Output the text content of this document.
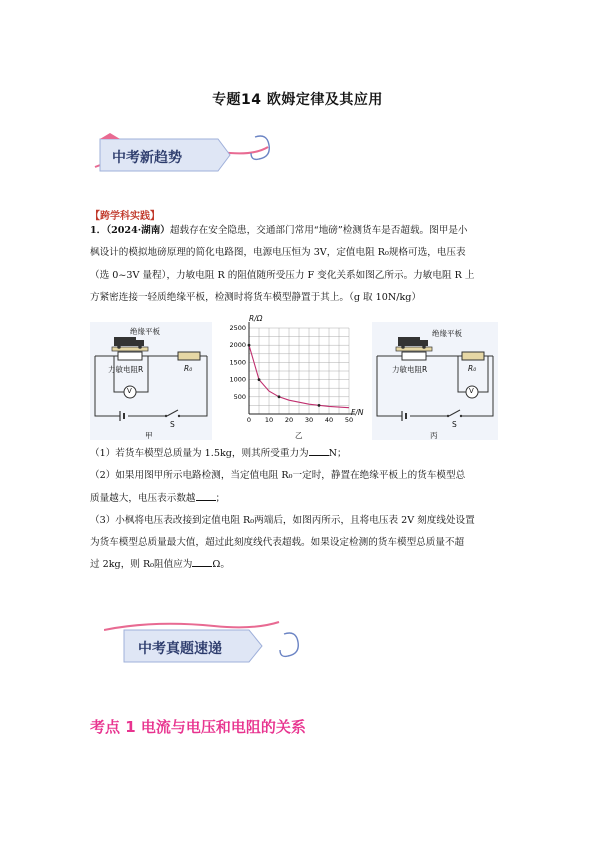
专题14 欧姆定律及其应用
中考新趋势
【跨学科实践】

1．（2024·湖南）超载存在安全隐患，交通部门常用“地磅”检测货车是否超载。图甲是小

枫设计的模拟地磅原理的简化电路图，电源电压恒为 3V，定值电阻 R₀规格可选，电压表

（选 0~3V 量程），力敏电阻 R 的阻值随所受压力 F 变化关系如图乙所示。力敏电阻 R 上

方紧密连接一轻质绝缘平板，检测时将货车模型静置于其上。（g 取 10N/kg）

绝缘平板
力敏电阻R	R₀
V
S
甲
0 10 20 30 40 50
500
1000
1500
2000
2500
R/Ω
F/N
乙
绝缘平板
力敏电阻R	R₀
V
S
丙

（1）若货车模型总质量为 1.5kg，则其所受重力为 N；

（2）如果用图甲所示电路检测，当定值电阻 R₀一定时，静置在绝缘平板上的货车模型总

质量越大，电压表示数越 ；

（3）小枫将电压表改接到定值电阻 R₀两端后，如图丙所示，且将电压表 2V 刻度线处设置

为货车模型总质量最大值，超过此刻度线代表超载。如果设定检测的货车模型总质量不超

过 2kg，则 R₀阻值应为 Ω。

中考真题速递
考点 1 电流与电压和电阻的关系
